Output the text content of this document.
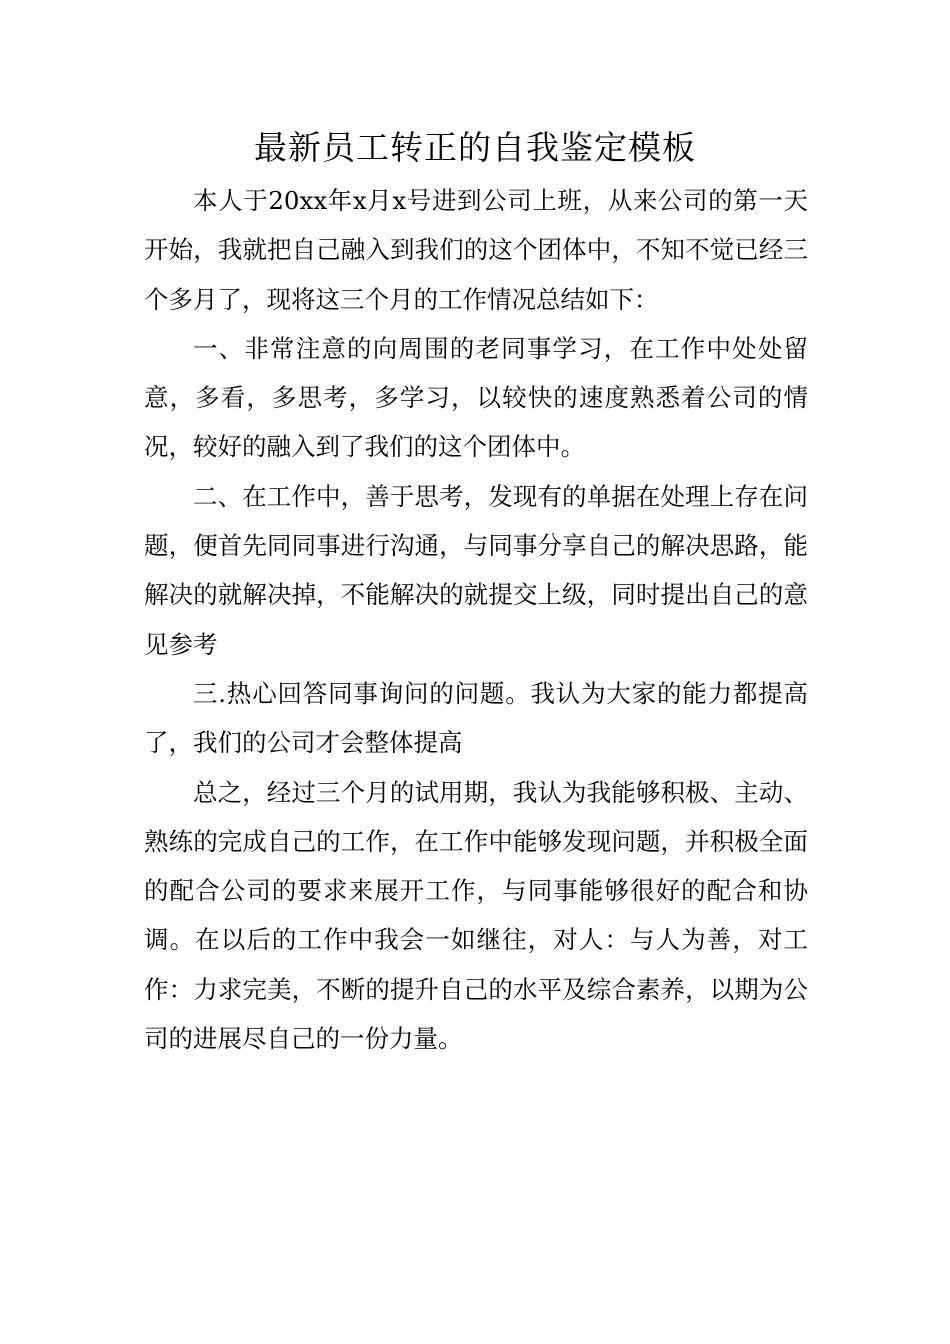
最新员工转正的自我鉴定模板

本人于20xx年x月x号进到公司上班，从来公司的第一天开始，我就把自己融入到我们的这个团体中，不知不觉已经三个多月了，现将这三个月的工作情况总结如下：

一、非常注意的向周围的老同事学习，在工作中处处留意，多看，多思考，多学习，以较快的速度熟悉着公司的情况，较好的融入到了我们的这个团体中。

二、在工作中，善于思考，发现有的单据在处理上存在问题，便首先同同事进行沟通，与同事分享自己的解决思路，能解决的就解决掉，不能解决的就提交上级，同时提出自己的意见参考

三.热心回答同事询问的问题。我认为大家的能力都提高了，我们的公司才会整体提高

总之，经过三个月的试用期，我认为我能够积极、主动、熟练的完成自己的工作，在工作中能够发现问题，并积极全面的配合公司的要求来展开工作，与同事能够很好的配合和协调。在以后的工作中我会一如继往，对人：与人为善，对工作：力求完美，不断的提升自己的水平及综合素养，以期为公司的进展尽自己的一份力量。
